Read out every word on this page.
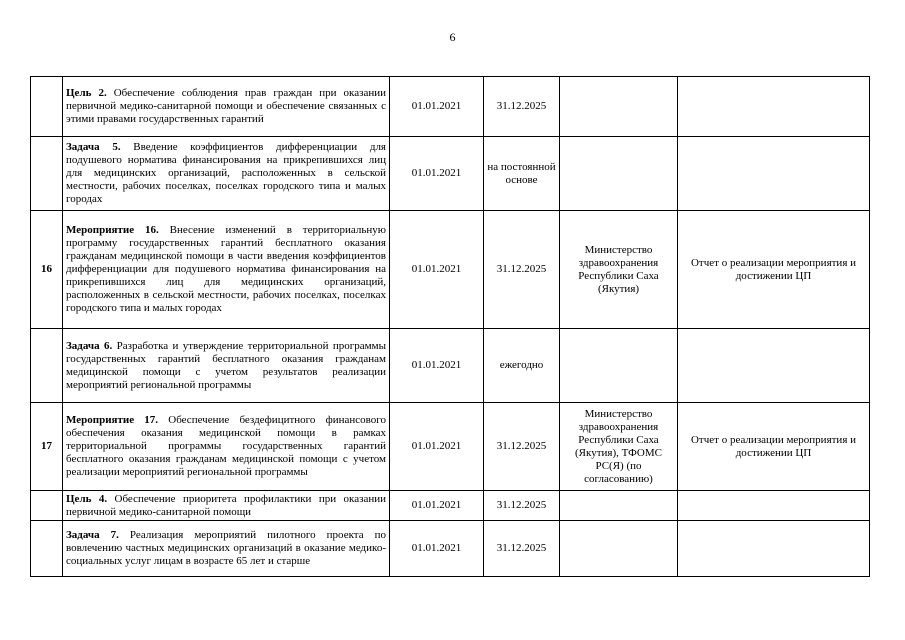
6
	Цель 2. Обеспечение соблюдения прав граждан при оказании первичной медико-санитарной помощи и обеспечение связанных с этими правами государственных гарантий	01.01.2021	31.12.2025		
	Задача 5. Введение коэффициентов дифференциации для подушевого норматива финансирования на прикрепившихся лиц для медицинских организаций, расположенных в сельской местности, рабочих поселках, поселках городского типа и малых городах	01.01.2021	на постоянной основе		
16	Мероприятие 16. Внесение изменений в территориальную программу государственных гарантий бесплатного оказания гражданам медицинской помощи в части введения коэффициентов дифференциации для подушевого норматива финансирования на прикрепившихся лиц для медицинских организаций, расположенных в сельской местности, рабочих поселках, поселках городского типа и малых городах	01.01.2021	31.12.2025	Министерство здравоохранения Республики Саха (Якутия)	Отчет о реализации мероприятия и достижении ЦП
	Задача 6. Разработка и утверждение территориальной программы государственных гарантий бесплатного оказания гражданам медицинской помощи с учетом результатов реализации мероприятий региональной программы	01.01.2021	ежегодно		
17	Мероприятие 17. Обеспечение бездефицитного финансового обеспечения оказания медицинской помощи в рамках территориальной программы государственных гарантий бесплатного оказания гражданам медицинской помощи с учетом реализации мероприятий региональной программы	01.01.2021	31.12.2025	Министерство здравоохранения Республики Саха (Якутия), ТФОМС РС(Я) (по согласованию)	Отчет о реализации мероприятия и достижении ЦП
	Цель 4. Обеспечение приоритета профилактики при оказании первичной медико-санитарной помощи	01.01.2021	31.12.2025		
	Задача 7. Реализация мероприятий пилотного проекта по вовлечению частных медицинских организаций в оказание медико-социальных услуг лицам в возрасте 65 лет и старше	01.01.2021	31.12.2025		
